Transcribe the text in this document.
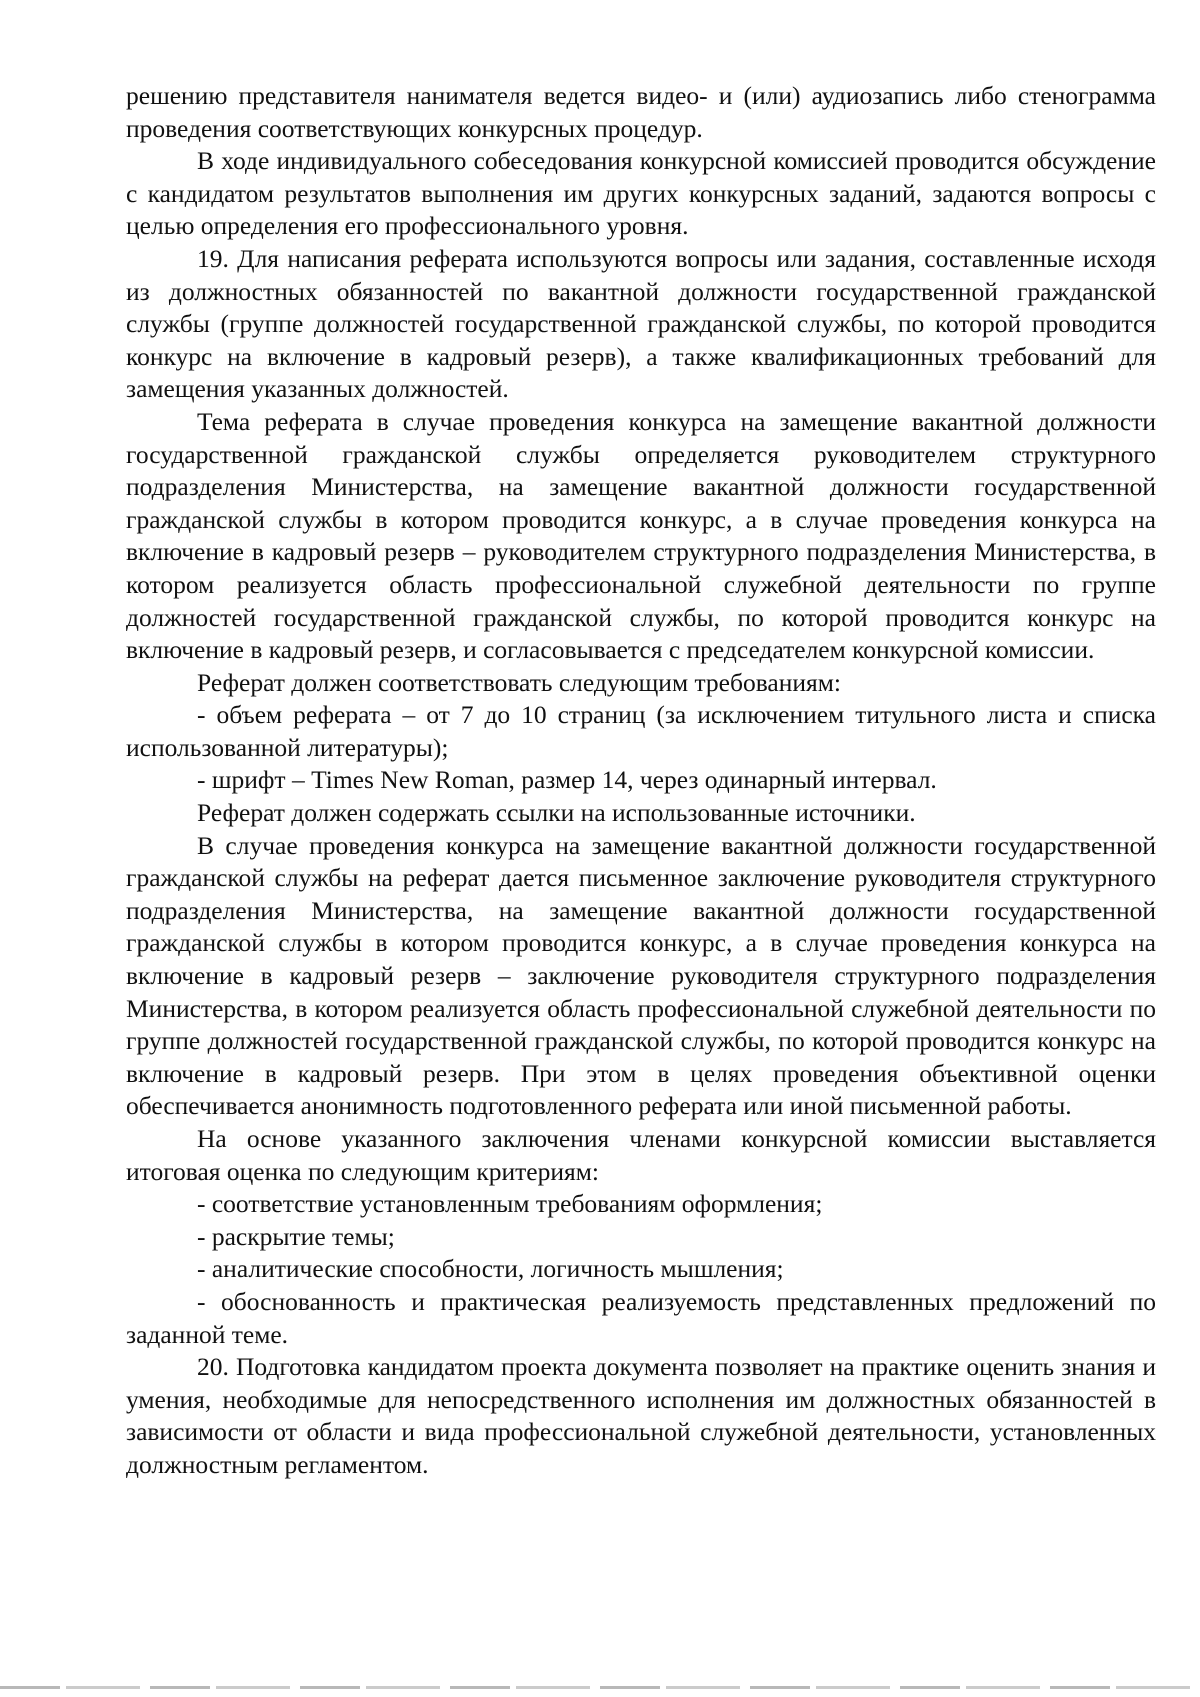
решению представителя нанимателя ведется видео- и (или) аудиозапись либо стенограмма проведения соответствующих конкурсных процедур.

В ходе индивидуального собеседования конкурсной комиссией проводится обсуждение с кандидатом результатов выполнения им других конкурсных заданий, задаются вопросы с целью определения его профессионального уровня.

19. Для написания реферата используются вопросы или задания, составленные исходя из должностных обязанностей по вакантной должности государственной гражданской службы (группе должностей государственной гражданской службы, по которой проводится конкурс на включение в кадровый резерв), а также квалификационных требований для замещения указанных должностей.

Тема реферата в случае проведения конкурса на замещение вакантной должности государственной гражданской службы определяется руководителем структурного подразделения Министерства, на замещение вакантной должности государственной гражданской службы в котором проводится конкурс, а в случае проведения конкурса на включение в кадровый резерв – руководителем структурного подразделения Министерства, в котором реализуется область профессиональной служебной деятельности по группе должностей государственной гражданской службы, по которой проводится конкурс на включение в кадровый резерв, и согласовывается с председателем конкурсной комиссии.

Реферат должен соответствовать следующим требованиям:

- объем реферата – от 7 до 10 страниц (за исключением титульного листа и списка использованной литературы);

- шрифт – Times New Roman, размер 14, через одинарный интервал.

Реферат должен содержать ссылки на использованные источники.

В случае проведения конкурса на замещение вакантной должности государственной гражданской службы на реферат дается письменное заключение руководителя структурного подразделения Министерства, на замещение вакантной должности государственной гражданской службы в котором проводится конкурс, а в случае проведения конкурса на включение в кадровый резерв – заключение руководителя структурного подразделения Министерства, в котором реализуется область профессиональной служебной деятельности по группе должностей государственной гражданской службы, по которой проводится конкурс на включение в кадровый резерв. При этом в целях проведения объективной оценки обеспечивается анонимность подготовленного реферата или иной письменной работы.

На основе указанного заключения членами конкурсной комиссии выставляется итоговая оценка по следующим критериям:

- соответствие установленным требованиям оформления;

- раскрытие темы;

- аналитические способности, логичность мышления;

- обоснованность и практическая реализуемость представленных предложений по заданной теме.

20. Подготовка кандидатом проекта документа позволяет на практике оценить знания и умения, необходимые для непосредственного исполнения им должностных обязанностей в зависимости от области и вида профессиональной служебной деятельности, установленных должностным регламентом.
